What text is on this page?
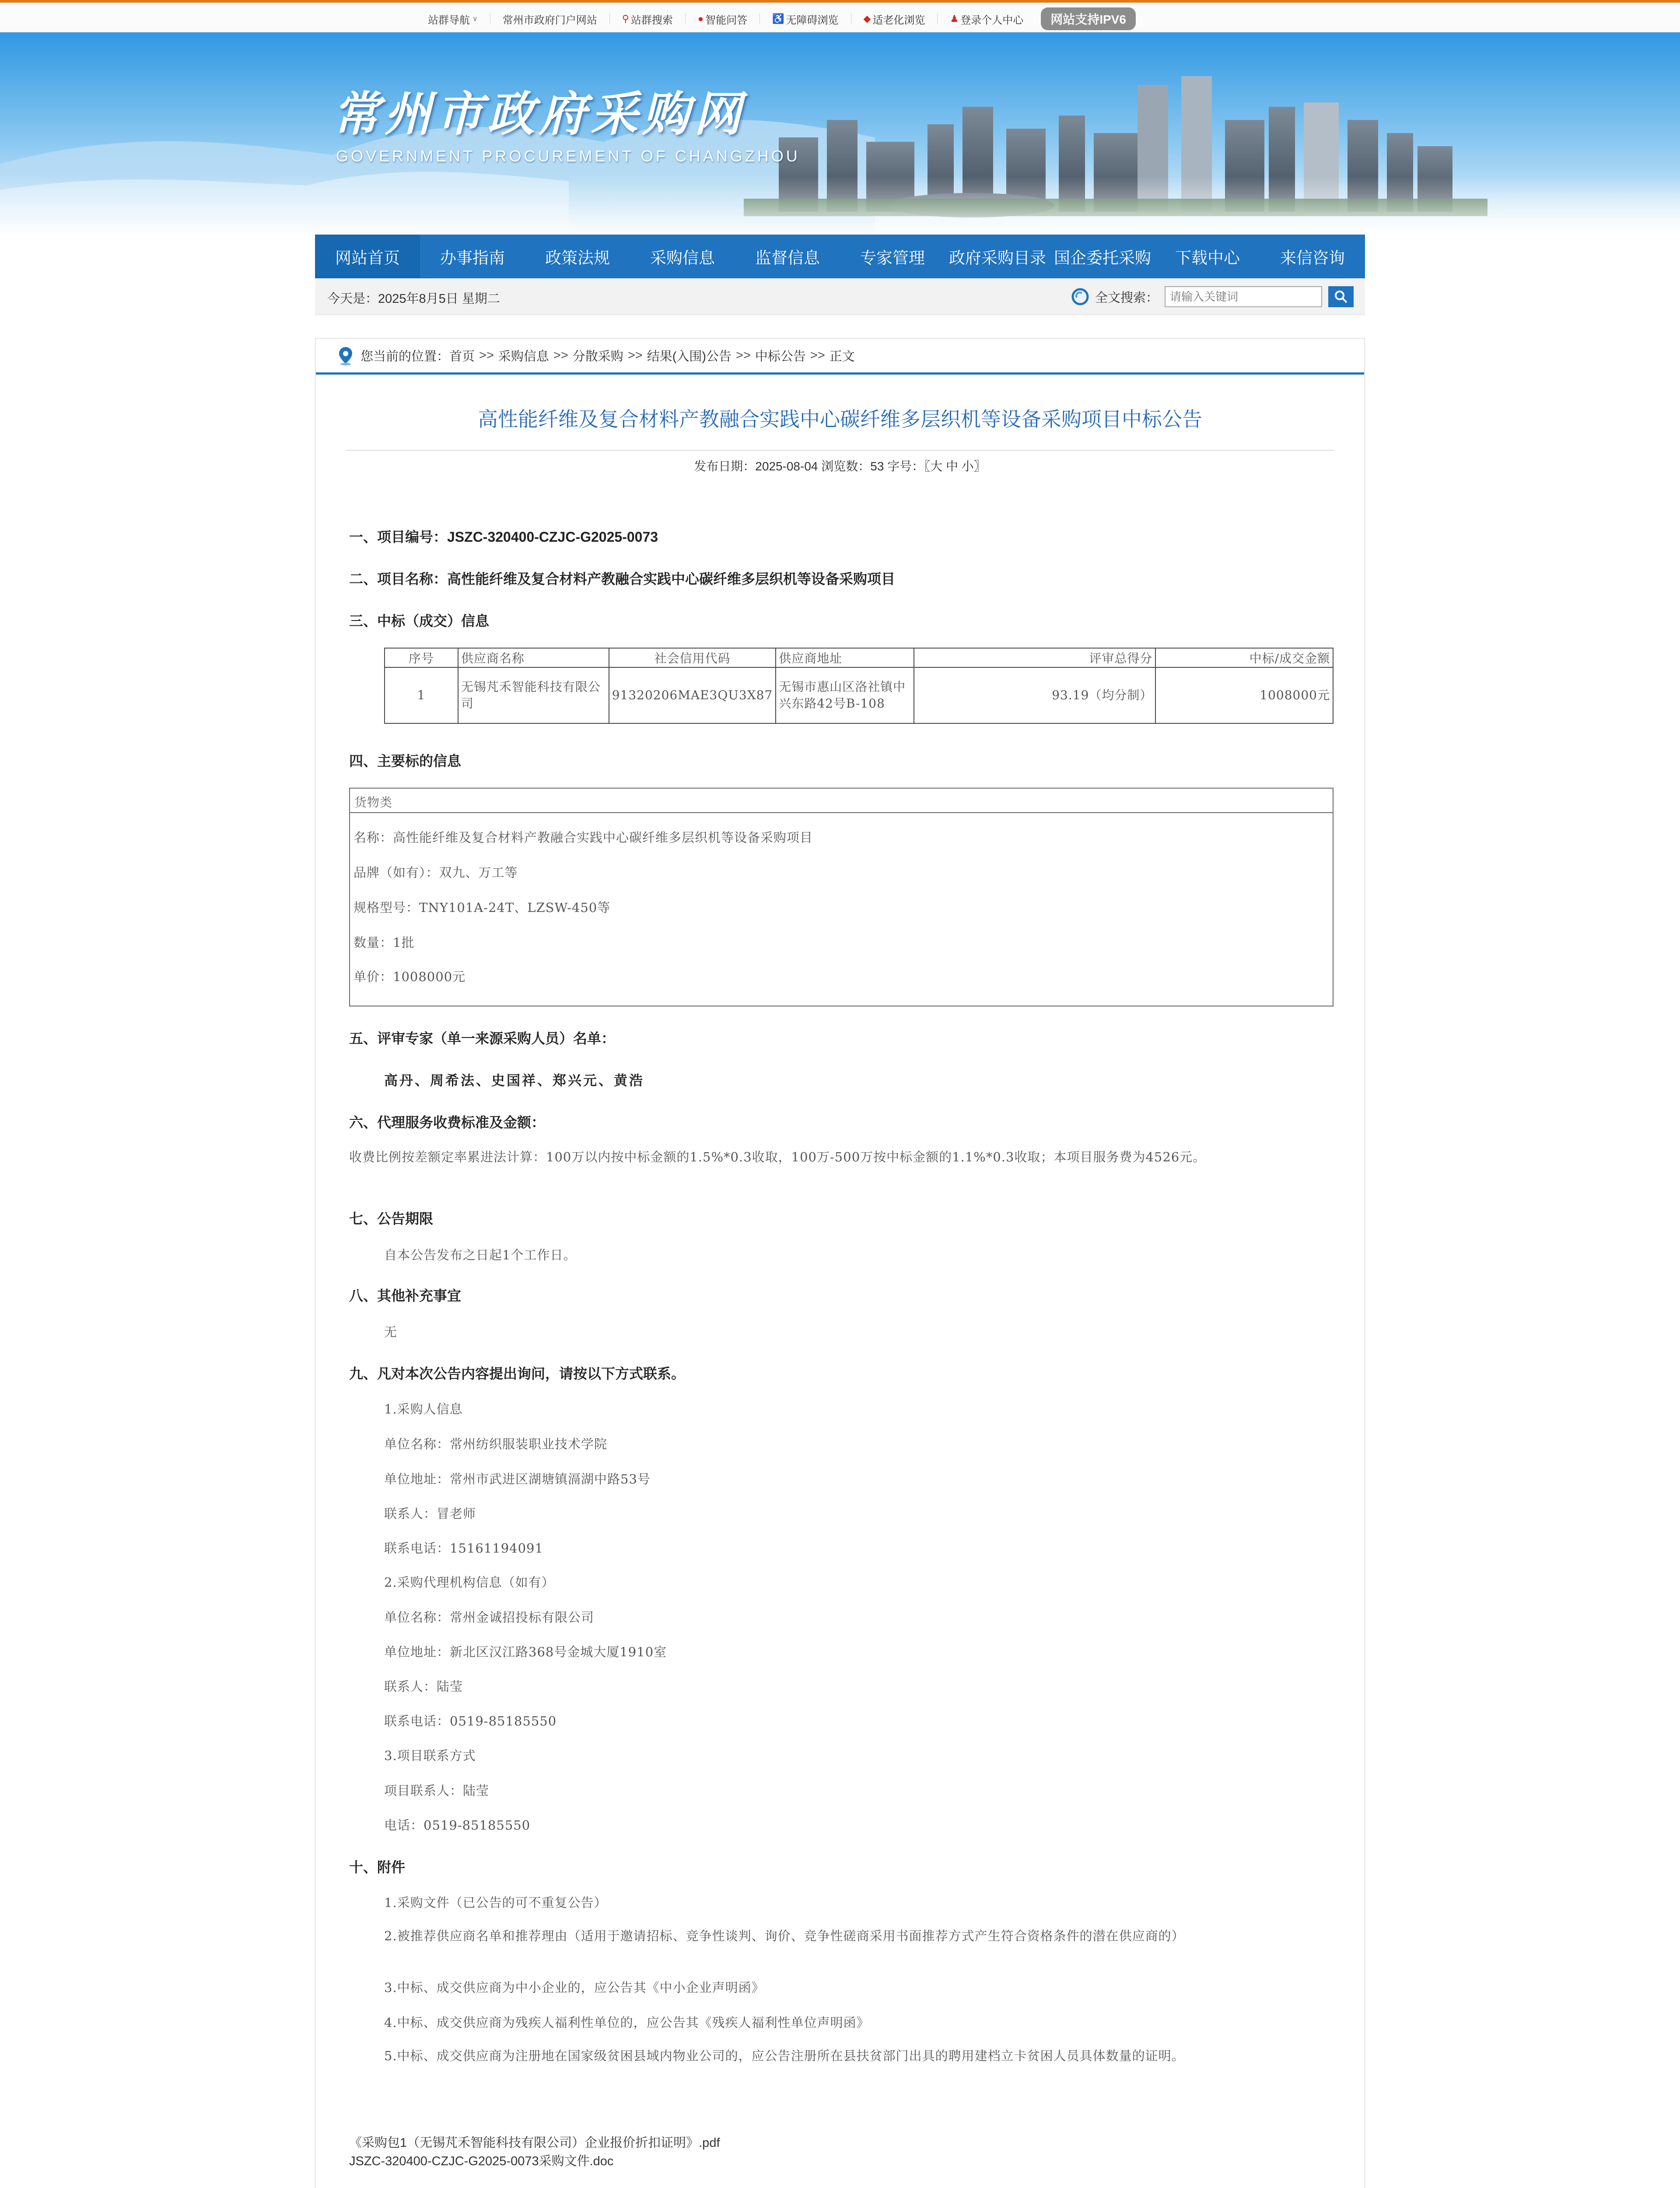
站群导航 ∨ 常州市政府门户网站	⚲ 站群搜索	● 智能问答	♿ 无障碍浏览	◆ 适老化浏览	♟ 登录个人中心	网站支持IPV6
常州市政府采购网
GOVERNMENT PROCUREMENT OF CHANGZHOU
网站首页	办事指南	政策法规	采购信息	监督信息	专家管理	政府采购目录 国企委托采购	下载中心	来信咨询
今天是：2025年8月5日 星期二	全文搜索：
请输入关键词
您当前的位置： 首页 >> 采购信息 >> 分散采购 >> 结果(入围)公告 >> 中标公告 >> 正文
高性能纤维及复合材料产教融合实践中心碳纤维多层织机等设备采购项目中标公告
发布日期：2025-08-04 浏览数：53 字号：〖大 中 小〗
一、项目编号：JSZC-320400-CZJC-G2025-0073
二、项目名称：高性能纤维及复合材料产教融合实践中心碳纤维多层织机等设备采购项目
三、中标（成交）信息
序号	供应商名称	社会信用代码	供应商地址	评审总得分	中标/成交金额
1	无锡芃禾智能科技有限公司	91320206MAE3QU3X87	无锡市惠山区洛社镇中兴东路42号B-108	93.19（均分制）	1008000元
四、主要标的信息
货物类
名称：高性能纤维及复合材料产教融合实践中心碳纤维多层织机等设备采购项目
品牌（如有）：双九、万工等
规格型号：TNY101A-24T、LZSW-450等
数量：1批
单价：1008000元
五、评审专家（单一来源采购人员）名单：
高丹、周希法、史国祥、郑兴元、黄浩
六、代理服务收费标准及金额：
收费比例按差额定率累进法计算：100万以内按中标金额的1.5%*0.3收取，100万-500万按中标金额的1.1%*0.3收取；本项目服务费为4526元。
七、公告期限
自本公告发布之日起1个工作日。
八、其他补充事宜
无
九、凡对本次公告内容提出询问，请按以下方式联系。
1.采购人信息
单位名称：常州纺织服装职业技术学院
单位地址：常州市武进区湖塘镇滆湖中路53号
联系人：冒老师
联系电话：15161194091
2.采购代理机构信息（如有）
单位名称：常州金诚招投标有限公司
单位地址：新北区汉江路368号金城大厦1910室
联系人：陆莹
联系电话：0519-85185550
3.项目联系方式
项目联系人：陆莹
电话：0519-85185550
十、附件
1.采购文件（已公告的可不重复公告）
2.被推荐供应商名单和推荐理由（适用于邀请招标、竞争性谈判、询价、竞争性磋商采用书面推荐方式产生符合资格条件的潜在供应商的）
3.中标、成交供应商为中小企业的，应公告其《中小企业声明函》
4.中标、成交供应商为残疾人福利性单位的，应公告其《残疾人福利性单位声明函》
5.中标、成交供应商为注册地在国家级贫困县域内物业公司的，应公告注册所在县扶贫部门出具的聘用建档立卡贫困人员具体数量的证明。
《采购包1（无锡芃禾智能科技有限公司）企业报价折扣证明》.pdf
JSZC-320400-CZJC-G2025-0073采购文件.doc
